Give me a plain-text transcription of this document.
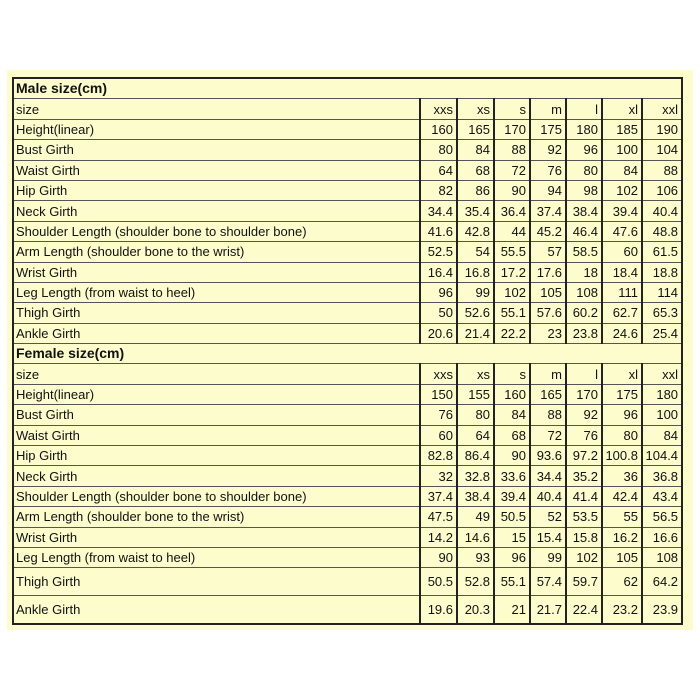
Male size(cm)							
size	xxs	xs	s	m	l	xl	xxl
Height(linear)	160	165	170	175	180	185	190
Bust Girth	80	84	88	92	96	100	104
Waist Girth	64	68	72	76	80	84	88
Hip Girth	82	86	90	94	98	102	106
Neck Girth	34.4	35.4	36.4	37.4	38.4	39.4	40.4
Shoulder Length (shoulder bone to shoulder bone)	41.6	42.8	44	45.2	46.4	47.6	48.8
Arm Length (shoulder bone to the wrist)	52.5	54	55.5	57	58.5	60	61.5
Wrist Girth	16.4	16.8	17.2	17.6	18	18.4	18.8
Leg Length (from waist to heel)	96	99	102	105	108	111	114
Thigh Girth	50	52.6	55.1	57.6	60.2	62.7	65.3
Ankle Girth	20.6	21.4	22.2	23	23.8	24.6	25.4
Female size(cm)							
size	xxs	xs	s	m	l	xl	xxl
Height(linear)	150	155	160	165	170	175	180
Bust Girth	76	80	84	88	92	96	100
Waist Girth	60	64	68	72	76	80	84
Hip Girth	82.8	86.4	90	93.6	97.2	100.8	104.4
Neck Girth	32	32.8	33.6	34.4	35.2	36	36.8
Shoulder Length (shoulder bone to shoulder bone)	37.4	38.4	39.4	40.4	41.4	42.4	43.4
Arm Length (shoulder bone to the wrist)	47.5	49	50.5	52	53.5	55	56.5
Wrist Girth	14.2	14.6	15	15.4	15.8	16.2	16.6
Leg Length (from waist to heel)	90	93	96	99	102	105	108
Thigh Girth	50.5	52.8	55.1	57.4	59.7	62	64.2
Ankle Girth	19.6	20.3	21	21.7	22.4	23.2	23.9
